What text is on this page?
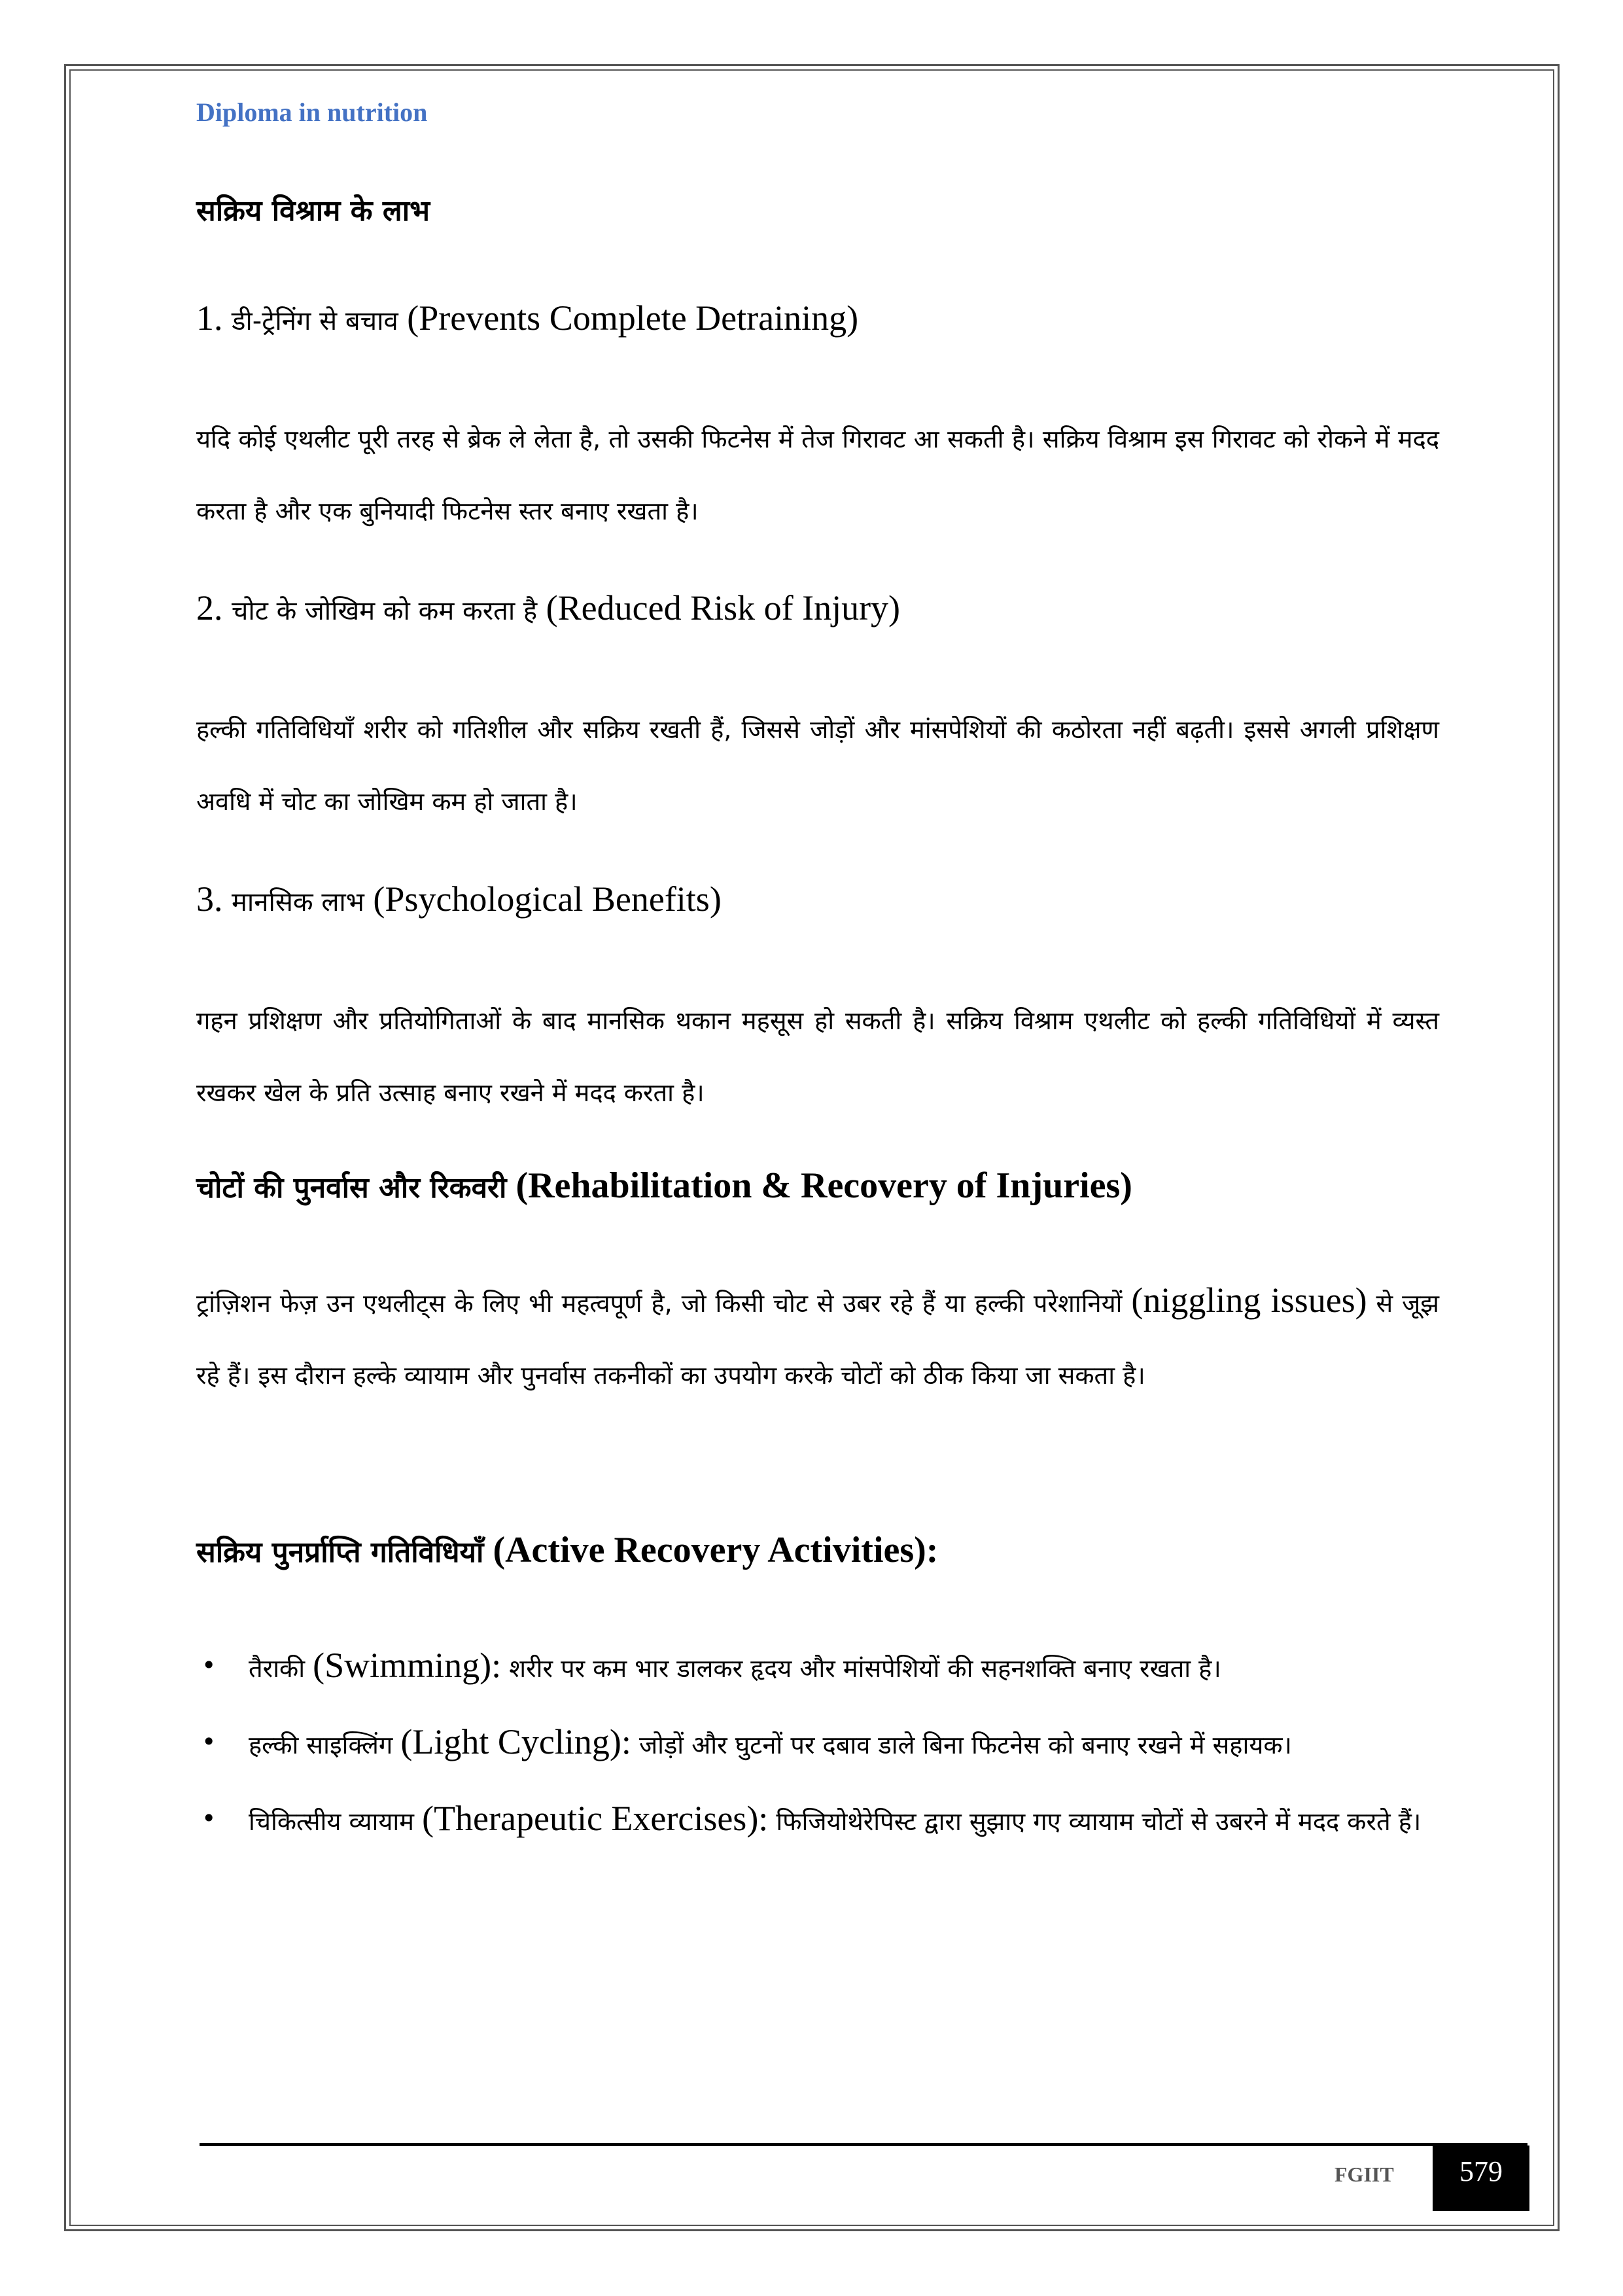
Diploma in nutrition
सक्रिय विश्राम के लाभ
1. डी-ट्रेनिंग से बचाव (Prevents Complete Detraining)
यदि कोई एथलीट पूरी तरह से ब्रेक ले लेता है, तो उसकी फिटनेस में तेज गिरावट आ सकती है। सक्रिय विश्राम इस गिरावट को रोकने में मदद करता है और एक बुनियादी फिटनेस स्तर बनाए रखता है।
2. चोट के जोखिम को कम करता है (Reduced Risk of Injury)
हल्की गतिविधियाँ शरीर को गतिशील और सक्रिय रखती हैं, जिससे जोड़ों और मांसपेशियों की कठोरता नहीं बढ़ती। इससे अगली प्रशिक्षण अवधि में चोट का जोखिम कम हो जाता है।
3. मानसिक लाभ (Psychological Benefits)
गहन प्रशिक्षण और प्रतियोगिताओं के बाद मानसिक थकान महसूस हो सकती है। सक्रिय विश्राम एथलीट को हल्की गतिविधियों में व्यस्त रखकर खेल के प्रति उत्साह बनाए रखने में मदद करता है।
चोटों की पुनर्वास और रिकवरी (Rehabilitation & Recovery of Injuries)
ट्रांज़िशन फेज़ उन एथलीट्स के लिए भी महत्वपूर्ण है, जो किसी चोट से उबर रहे हैं या हल्की परेशानियों (niggling issues) से जूझ रहे हैं। इस दौरान हल्के व्यायाम और पुनर्वास तकनीकों का उपयोग करके चोटों को ठीक किया जा सकता है।
सक्रिय पुनर्प्राप्ति गतिविधियाँ (Active Recovery Activities):
• तैराकी (Swimming): शरीर पर कम भार डालकर हृदय और मांसपेशियों की सहनशक्ति बनाए रखता है।
• हल्की साइक्लिंग (Light Cycling): जोड़ों और घुटनों पर दबाव डाले बिना फिटनेस को बनाए रखने में सहायक।
• चिकित्सीय व्यायाम (Therapeutic Exercises): फिजियोथेरेपिस्ट द्वारा सुझाए गए व्यायाम चोटों से उबरने में मदद करते हैं।
FGIIT	579
